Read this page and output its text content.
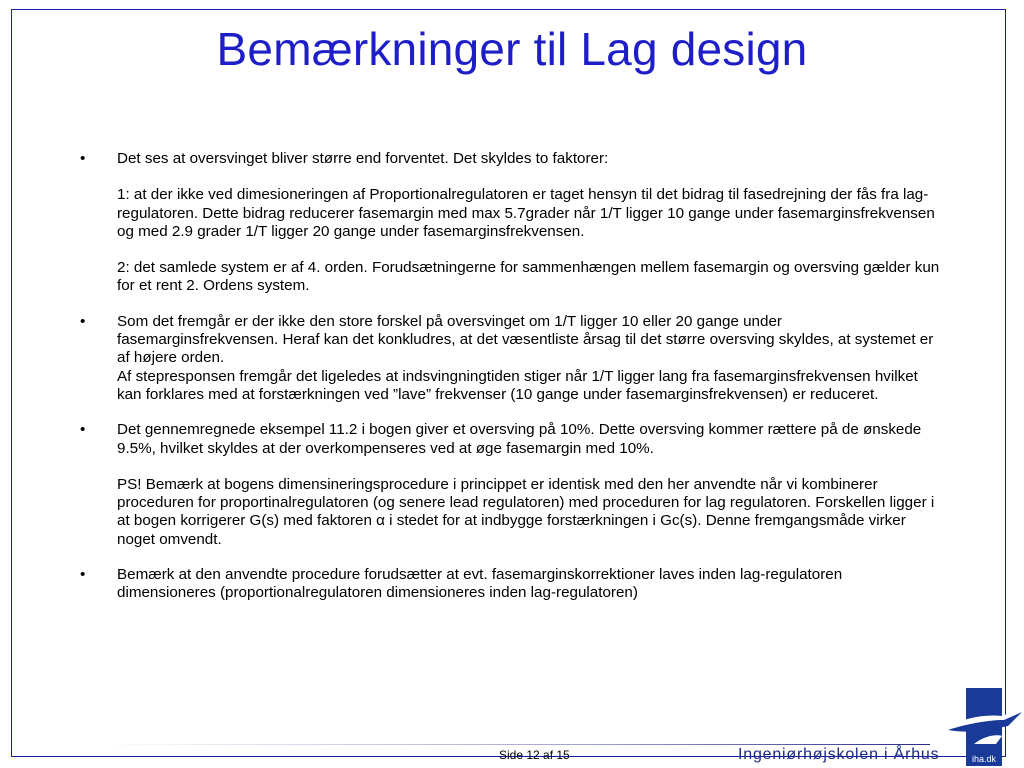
Bemærkninger til Lag design
• Det ses at oversvinget bliver større end forventet. Det skyldes to faktorer:

1: at der ikke ved dimesioneringen af Proportionalregulatoren er taget hensyn til det bidrag til fasedrejning der fås fra lag- regulatoren. Dette bidrag reducerer fasemargin med max 5.7grader når 1/T ligger 10 gange under fasemarginsfrekvensen og med 2.9 grader 1/T ligger 20 gange under fasemarginsfrekvensen.

2: det samlede system er af 4. orden. Forudsætningerne for sammenhængen mellem fasemargin og oversving gælder kun for et rent 2. Ordens system.

• Som det fremgår er der ikke den store forskel på oversvinget om 1/T ligger 10 eller 20 gange under fasemarginsfrekvensen. Heraf kan det konkludres, at det væsentliste årsag til det større oversving skyldes, at systemet er af højere orden.

Af stepresponsen fremgår det ligeledes at indsvingningtiden stiger når 1/T ligger lang fra fasemarginsfrekvensen hvilket kan forklares med at forstærkningen ved ”lave” frekvenser (10 gange under fasemarginsfrekvensen) er reduceret.

• Det gennemregnede eksempel 11.2 i bogen giver et oversving på 10%. Dette oversving kommer rættere på de ønskede 9.5%, hvilket skyldes at der overkompenseres ved at øge fasemargin med 10%.

PS! Bemærk at bogens dimensineringsprocedure i princippet er identisk med den her anvendte når vi kombinerer proceduren for proportinalregulatoren (og senere lead regulatoren) med proceduren for lag regulatoren. Forskellen ligger i at bogen korrigerer G(s) med faktoren α i stedet for at indbygge forstærkningen i Gc(s). Denne fremgangsmåde virker noget omvendt.

• Bemærk at den anvendte procedure forudsætter at evt. fasemarginskorrektioner laves inden lag-regulatoren dimensioneres (proportionalregulatoren dimensioneres inden lag-regulatoren)

Side 12 af 15	Ingeniørhøjskolen i Århus	iha.dk
